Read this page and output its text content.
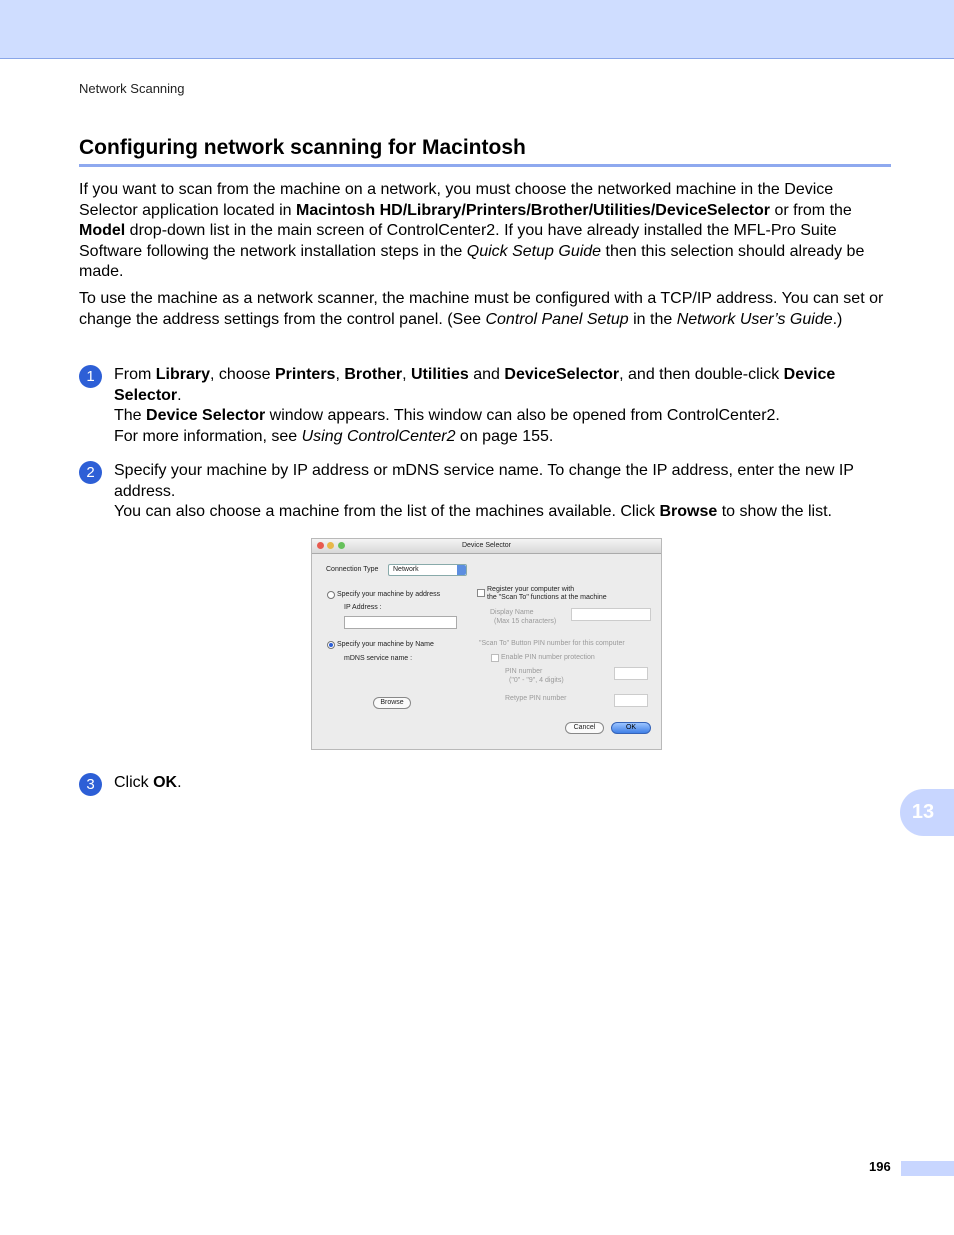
Network Scanning
Configuring network scanning for Macintosh
If you want to scan from the machine on a network, you must choose the networked machine in the Device Selector application located in Macintosh HD/Library/Printers/Brother/Utilities/DeviceSelector or from the Model drop-down list in the main screen of ControlCenter2. If you have already installed the MFL-Pro Suite Software following the network installation steps in the Quick Setup Guide then this selection should already be made.
To use the machine as a network scanner, the machine must be configured with a TCP/IP address. You can set or change the address settings from the control panel. (See Control Panel Setup in the Network User’s Guide.)
1	From Library, choose Printers, Brother, Utilities and DeviceSelector, and then double-click Device Selector.
The Device Selector window appears. This window can also be opened from ControlCenter2.
For more information, see Using ControlCenter2 on page 155.
2	Specify your machine by IP address or mDNS service name. To change the IP address, enter the new IP address.
You can also choose a machine from the list of the machines available. Click Browse to show the list.
Device Selector
Connection Type Network
Specify your machine by address
IP Address :
Specify your machine by Name
mDNS service name :
Browse
Register your computer with
the "Scan To" functions at the machine
Display Name
(Max 15 characters)
"Scan To" Button PIN number for this computer
Enable PIN number protection
PIN number
("0" - "9", 4 digits)
Retype PIN number
Cancel	OK
3	Click OK.
13
196
